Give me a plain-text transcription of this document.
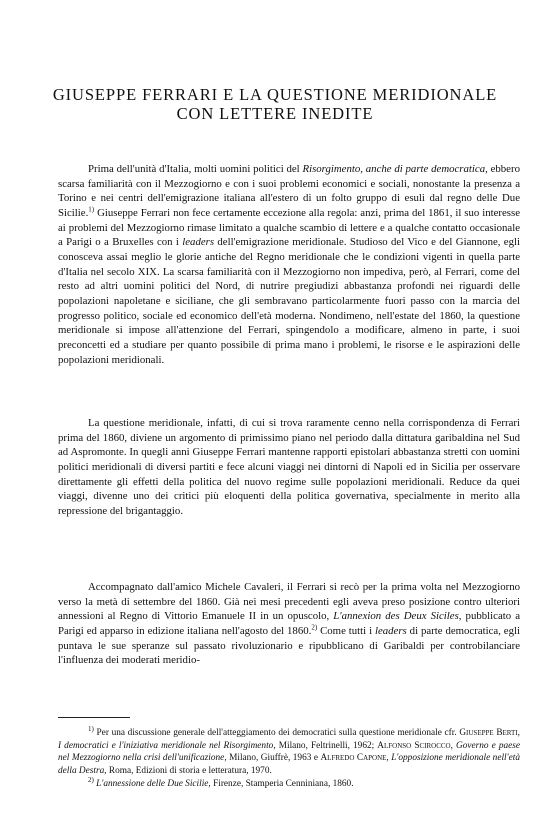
GIUSEPPE FERRARI E LA QUESTIONE MERIDIONALE
CON LETTERE INEDITE

Prima dell'unità d'Italia, molti uomini politici del Risorgimento, anche di parte democratica, ebbero scarsa familiarità con il Mezzogiorno e con i suoi problemi economici e sociali, nonostante la presenza a Torino e nei centri dell'emigrazione italiana all'estero di un folto gruppo di esuli dal regno delle Due Sicilie.$^{1)}$ Giuseppe Ferrari non fece certamente eccezione alla regola: anzi, prima del 1861, il suo interesse ai problemi del Mezzogiorno rimase limitato a qualche scambio di lettere e a qualche contatto occasionale a Parigi o a Bruxelles con i leaders dell'emigrazione meridionale. Studioso del Vico e del Giannone, egli conosceva assai meglio le glorie antiche del Regno meridionale che le condizioni vigenti in quella parte d'Italia nel secolo XIX. La scarsa familiarità con il Mezzogiorno non impediva, però, al Ferrari, come del resto ad altri uomini politici del Nord, di nutrire pregiudizi abbastanza profondi nei riguardi delle popolazioni napoletane e siciliane, che gli sembravano particolarmente fuori passo con la marcia del progresso politico, sociale ed economico dell'età moderna. Nondimeno, nell'estate del 1860, la questione meridionale si impose all'attenzione del Ferrari, spingendolo a modificare, almeno in parte, i suoi preconcetti ed a studiare per quanto possibile di prima mano i problemi, le risorse e le aspirazioni delle popolazioni meridionali.

La questione meridionale, infatti, di cui si trova raramente cenno nella corrispondenza di Ferrari prima del 1860, diviene un argomento di primissimo piano nel periodo dalla dittatura garibaldina nel Sud ad Aspromonte. In quegli anni Giuseppe Ferrari mantenne rapporti epistolari abbastanza stretti con uomini politici meridionali di diversi partiti e fece alcuni viaggi nei dintorni di Napoli ed in Sicilia per osservare direttamente gli effetti della politica del nuovo regime sulle popolazioni meridionali. Reduce da quei viaggi, divenne uno dei critici più eloquenti della politica governativa, specialmente in merito alla repressione del brigantaggio.

Accompagnato dall'amico Michele Cavaleri, il Ferrari si recò per la prima volta nel Mezzogiorno verso la metà di settembre del 1860. Già nei mesi precedenti egli aveva preso posizione contro ulteriori annessioni al Regno di Vittorio Emanuele II in un opuscolo, L'annexion des Deux Siciles, pubblicato a Parigi ed apparso in edizione italiana nell'agosto del 1860.$^{2)}$ Come tutti i leaders di parte democratica, egli puntava le sue speranze sul passato rivoluzionario e ripubblicano di Garibaldi per controbilanciare l'influenza dei moderati meridio-

$^{1)}$ Per una discussione generale dell'atteggiamento dei democratici sulla questione meridionale cfr. Giuseppe Berti, I democratici e l'iniziativa meridionale nel Risorgimento, Milano, Feltrinelli, 1962; Alfonso Scirocco, Governo e paese nel Mezzogiorno nella crisi dell'unificazione, Milano, Giuffrè, 1963 e Alfredo Capone, L'opposizione meridionale nell'età della Destra, Roma, Edizioni di storia e letteratura, 1970.

$^{2)}$ L'annessione delle Due Sicilie, Firenze, Stamperia Cenniniana, 1860.
